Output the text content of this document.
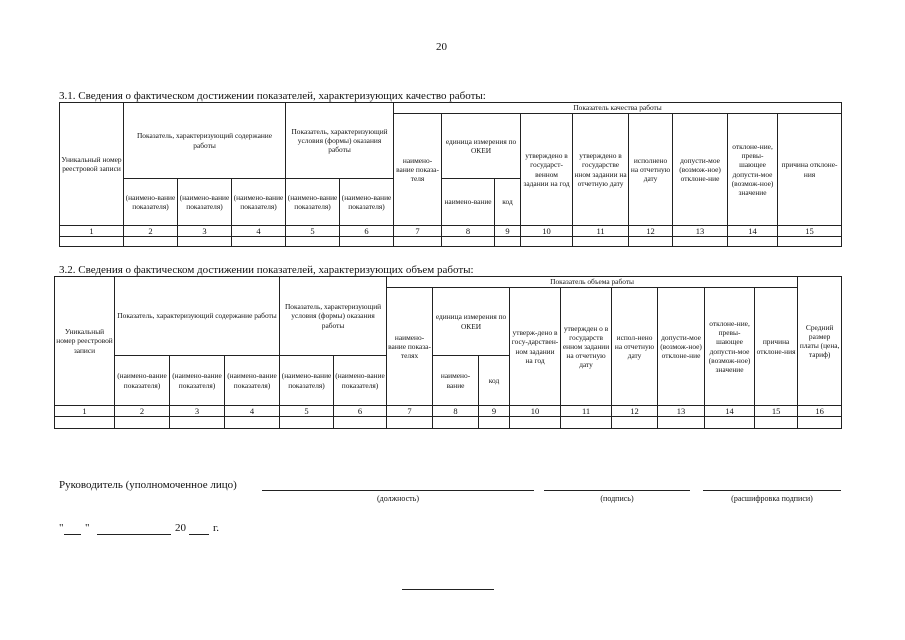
20
3.1. Сведения о фактическом достижении показателей, характеризующих качество работы:
Уникальный номер реестровой записи	Показатель, характеризующий содержание работы			Показатель, характеризующий условия (формы) оказания работы		Показатель качества работы								
						наимено-вание показа-теля	единица измерения по ОКЕИ		утверждено в государст-венном задании на год	утверждено в государстве нном задании на отчетную дату	исполнено на отчетную дату	допусти-мое (возмож-ное) отклоне-ние	отклоне-ние, превы-шающее допусти-мое (возмож-ное) значение	причина отклоне-ния
	(наимено-вание показателя)	(наимено-вание показателя)	(наимено-вание показателя)	(наимено-вание показателя)	(наимено-вание показателя)		наимено-вание	код						
1	2	3	4	5	6	7	8	9	10	11	12	13	14	15

3.2. Сведения о фактическом достижении показателей, характеризующих объем работы:
Уникальный номер реестровой записи	Показатель, характеризующий содержание работы			Показатель, характеризующий условия (формы) оказания работы		Показатель объема работы									Средний размер платы (цена, тариф)
						наимено-вание показа-телях	единица измерения по ОКЕИ		утверж-дено в госу-дарствен-ном задании на год	утвержден о в государств енном задании на отчетную дату	испол-нено на отчетную дату	допусти-мое (возмож-ное) отклоне-ние	отклоне-ние, превы-шающее допусти-мое (возмож-ное) значение	причина отклоне-ния	
	(наимено-вание показателя)	(наимено-вание показателя)	(наимено-вание показателя)	(наимено-вание показателя)	(наимено-вание показателя)		наимено-вание	код							
1	2	3	4	5	6	7	8	9	10	11	12	13	14	15	16

Руководитель (уполномоченное лицо)
(должность)	(подпись)	(расшифровка подписи)
" "	20 г.
